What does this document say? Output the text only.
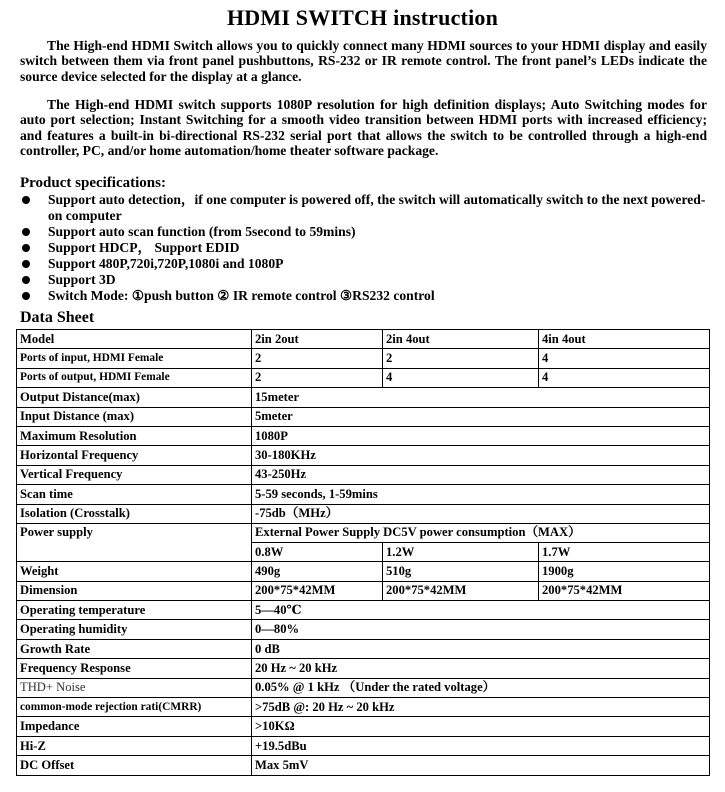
HDMI SWITCH instruction

The High-end HDMI Switch allows you to quickly connect many HDMI sources to your HDMI display and easily switch between them via front panel pushbuttons, RS-232 or IR remote control. The front panel’s LEDs indicate the source device selected for the display at a glance.

The High-end HDMI switch supports 1080P resolution for high definition displays; Auto Switching modes for auto port selection; Instant Switching for a smooth video transition between HDMI ports with increased efficiency; and features a built-in bi-directional RS-232 serial port that allows the switch to be controlled through a high-end controller, PC, and/or home automation/home theater software package.

Product specifications:
Support auto detection，if one computer is powered off, the switch will automatically switch to the next powered-on computer
Support auto scan function (from 5second to 59mins)
Support HDCP， Support EDID
Support 480P,720i,720P,1080i and 1080P
Support 3D
Switch Mode: ①push button ② IR remote control ③RS232 control
Data Sheet
Model	2in 2out	2in 4out	4in 4out
Ports of input, HDMI Female	2	2	4
Ports of output, HDMI Female	2	4	4
Output Distance(max)	15meter		
Input Distance (max)	5meter		
Maximum Resolution	1080P		
Horizontal Frequency	30-180KHz		
Vertical Frequency	43-250Hz		
Scan time	5-59 seconds, 1-59mins		
Isolation (Crosstalk)	-75db（MHz）		
Power supply	External Power Supply DC5V power consumption（MAX）		
	0.8W	1.2W	1.7W
Weight	490g	510g	1900g
Dimension	200*75*42MM	200*75*42MM	200*75*42MM
Operating temperature	5—40℃		
Operating humidity	0—80%		
Growth Rate	0 dB		
Frequency Response	20 Hz ~ 20 kHz		
THD+ Noise	0.05% @ 1 kHz （Under the rated voltage）		
common-mode rejection rati(CMRR)	>75dB @: 20 Hz ~ 20 kHz		
Impedance	>10KΩ		
Hi-Z	+19.5dBu		
DC Offset	Max 5mV		
